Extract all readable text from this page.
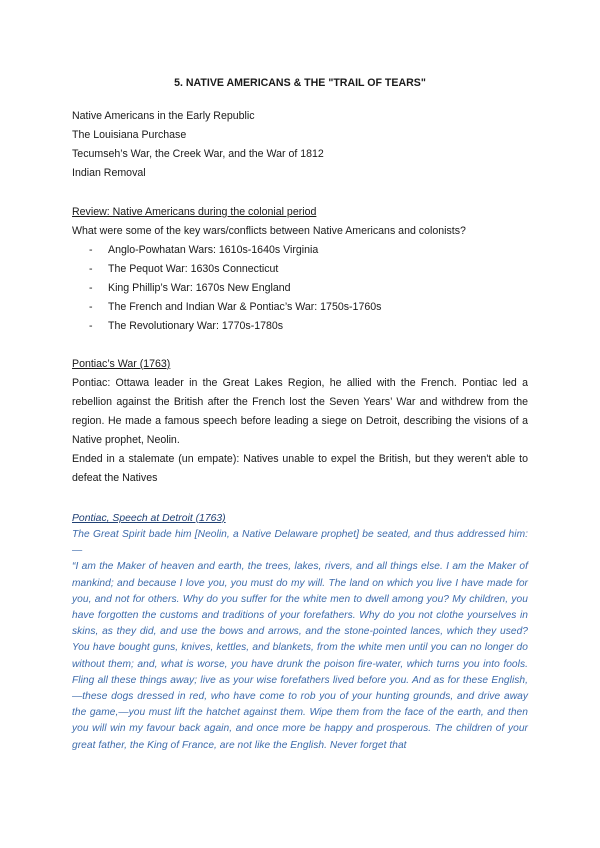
5. NATIVE AMERICANS & THE "TRAIL OF TEARS"
Native Americans in the Early Republic
The Louisiana Purchase
Tecumseh’s War, the Creek War, and the War of 1812
Indian Removal
Review: Native Americans during the colonial period
What were some of the key wars/conflicts between Native Americans and colonists?
- Anglo-Powhatan Wars: 1610s-1640s Virginia
- The Pequot War: 1630s Connecticut
- King Phillip’s War: 1670s New England
- The French and Indian War & Pontiac’s War: 1750s-1760s
- The Revolutionary War: 1770s-1780s
Pontiac’s War (1763)

Pontiac: Ottawa leader in the Great Lakes Region, he allied with the French. Pontiac led a rebellion against the British after the French lost the Seven Years’ War and withdrew from the region. He made a famous speech before leading a siege on Detroit, describing the visions of a Native prophet, Neolin.

Ended in a stalemate (un empate): Natives unable to expel the British, but they weren't able to defeat the Natives

Pontiac, Speech at Detroit (1763)

The Great Spirit bade him [Neolin, a Native Delaware prophet] be seated, and thus addressed him:—

“I am the Maker of heaven and earth, the trees, lakes, rivers, and all things else. I am the Maker of mankind; and because I love you, you must do my will. The land on which you live I have made for you, and not for others. Why do you suffer for the white men to dwell among you? My children, you have forgotten the customs and traditions of your forefathers. Why do you not clothe yourselves in skins, as they did, and use the bows and arrows, and the stone-pointed lances, which they used? You have bought guns, knives, kettles, and blankets, from the white men until you can no longer do without them; and, what is worse, you have drunk the poison fire-water, which turns you into fools. Fling all these things away; live as your wise forefathers lived before you. And as for these English,—these dogs dressed in red, who have come to rob you of your hunting grounds, and drive away the game,—you must lift the hatchet against them. Wipe them from the face of the earth, and then you will win my favour back again, and once more be happy and prosperous. The children of your great father, the King of France, are not like the English. Never forget that
